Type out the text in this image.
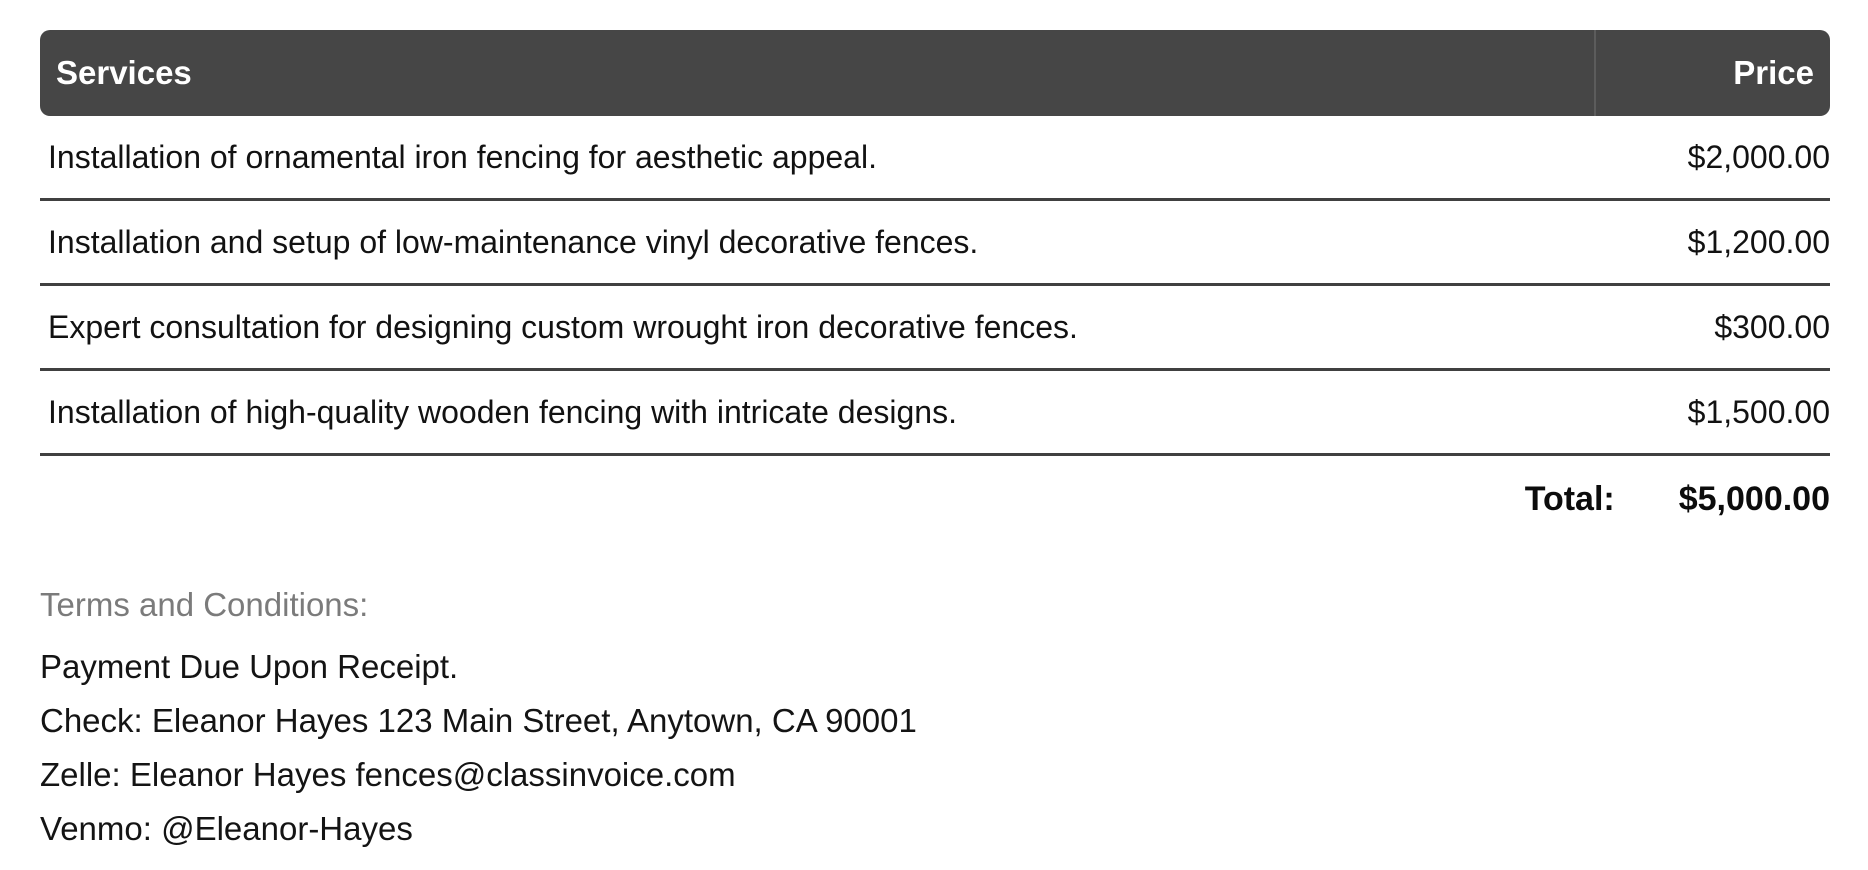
Services	Price
Installation of ornamental iron fencing for aesthetic appeal.	$2,000.00
Installation and setup of low-maintenance vinyl decorative fences.	$1,200.00
Expert consultation for designing custom wrought iron decorative fences.	$300.00
Installation of high-quality wooden fencing with intricate designs.	$1,500.00
Total: $5,000.00
Terms and Conditions:
Payment Due Upon Receipt.
Check: Eleanor Hayes 123 Main Street, Anytown, CA 90001
Zelle: Eleanor Hayes fences@classinvoice.com
Venmo: @Eleanor-Hayes
